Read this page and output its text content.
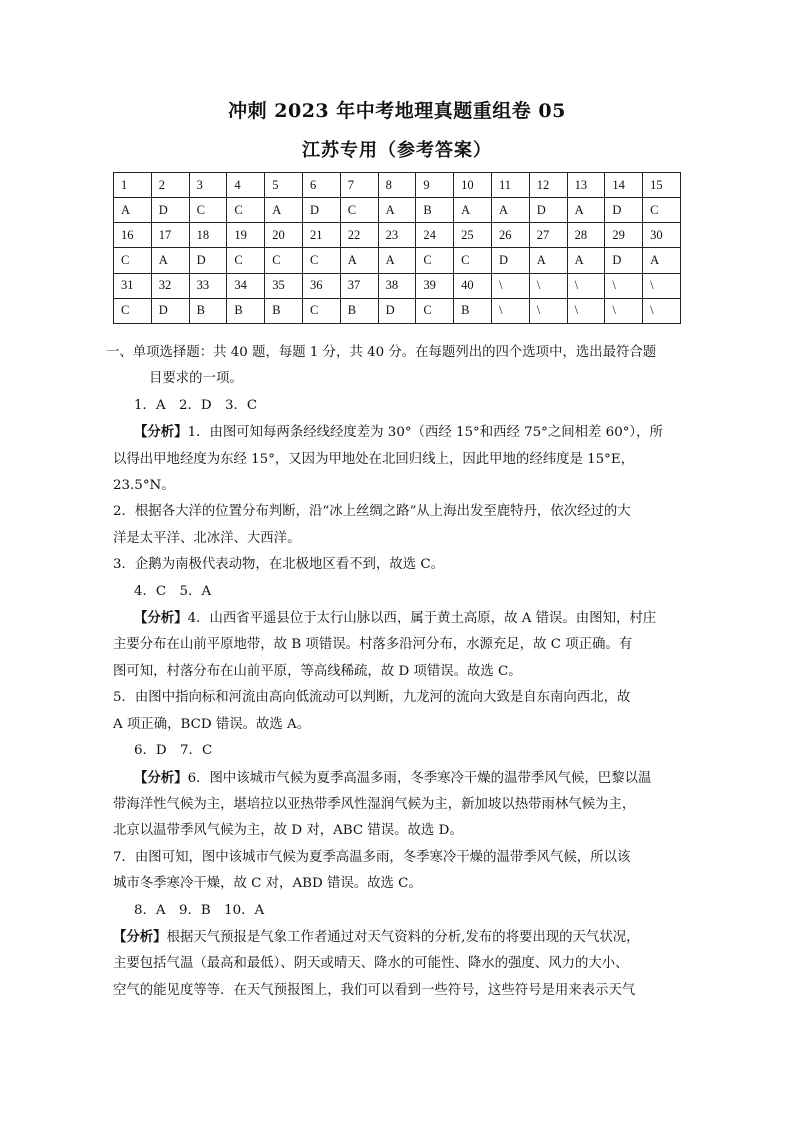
冲刺 2023 年中考地理真题重组卷 05
江苏专用（参考答案）
1	2	3	4	5	6	7	8	9	10	11	12	13	14	15
A	D	C	C	A	D	C	A	B	A	A	D	A	D	C
16	17	18	19	20	21	22	23	24	25	26	27	28	29	30
C	A	D	C	C	C	A	A	C	C	D	A	A	D	A
31	32	33	34	35	36	37	38	39	40	\	\	\	\	\
C	D	B	B	B	C	B	D	C	B	\	\	\	\	\

一、单项选择题：共 40 题，每题 1 分，共 40 分。在每题列出的四个选项中，选出最符合题

目要求的一项。

1．A　2．D　3．C

【分析】1．由图可知每两条经线经度差为 30°（西经 15°和西经 75°之间相差 60°），所

以得出甲地经度为东经 15°，又因为甲地处在北回归线上，因此甲地的经纬度是 15°E，

23.5°N。

2．根据各大洋的位置分布判断，沿“冰上丝绸之路”从上海出发至鹿特丹，依次经过的大

洋是太平洋、北冰洋、大西洋。

3．企鹅为南极代表动物，在北极地区看不到，故选 C。

4．C　5．A

【分析】4．山西省平遥县位于太行山脉以西，属于黄土高原，故 A 错误。由图知，村庄

主要分布在山前平原地带，故 B 项错误。村落多沿河分布，水源充足，故 C 项正确。有

图可知，村落分布在山前平原，等高线稀疏，故 D 项错误。故选 C。

5．由图中指向标和河流由高向低流动可以判断，九龙河的流向大致是自东南向西北，故

A 项正确，BCD 错误。故选 A。

6．D　7．C

【分析】6．图中该城市气候为夏季高温多雨，冬季寒冷干燥的温带季风气候，巴黎以温

带海洋性气候为主，堪培拉以亚热带季风性湿润气候为主，新加坡以热带雨林气候为主，

北京以温带季风气候为主，故 D 对，ABC 错误。故选 D。

7．由图可知，图中该城市气候为夏季高温多雨，冬季寒冷干燥的温带季风气候，所以该

城市冬季寒冷干燥，故 C 对，ABD 错误。故选 C。

8．A　9．B　10．A

【分析】根据天气预报是气象工作者通过对天气资料的分析,发布的将要出现的天气状况，

主要包括气温（最高和最低）、阴天或晴天、降水的可能性、降水的强度、风力的大小、

空气的能见度等等．在天气预报图上，我们可以看到一些符号，这些符号是用来表示天气
